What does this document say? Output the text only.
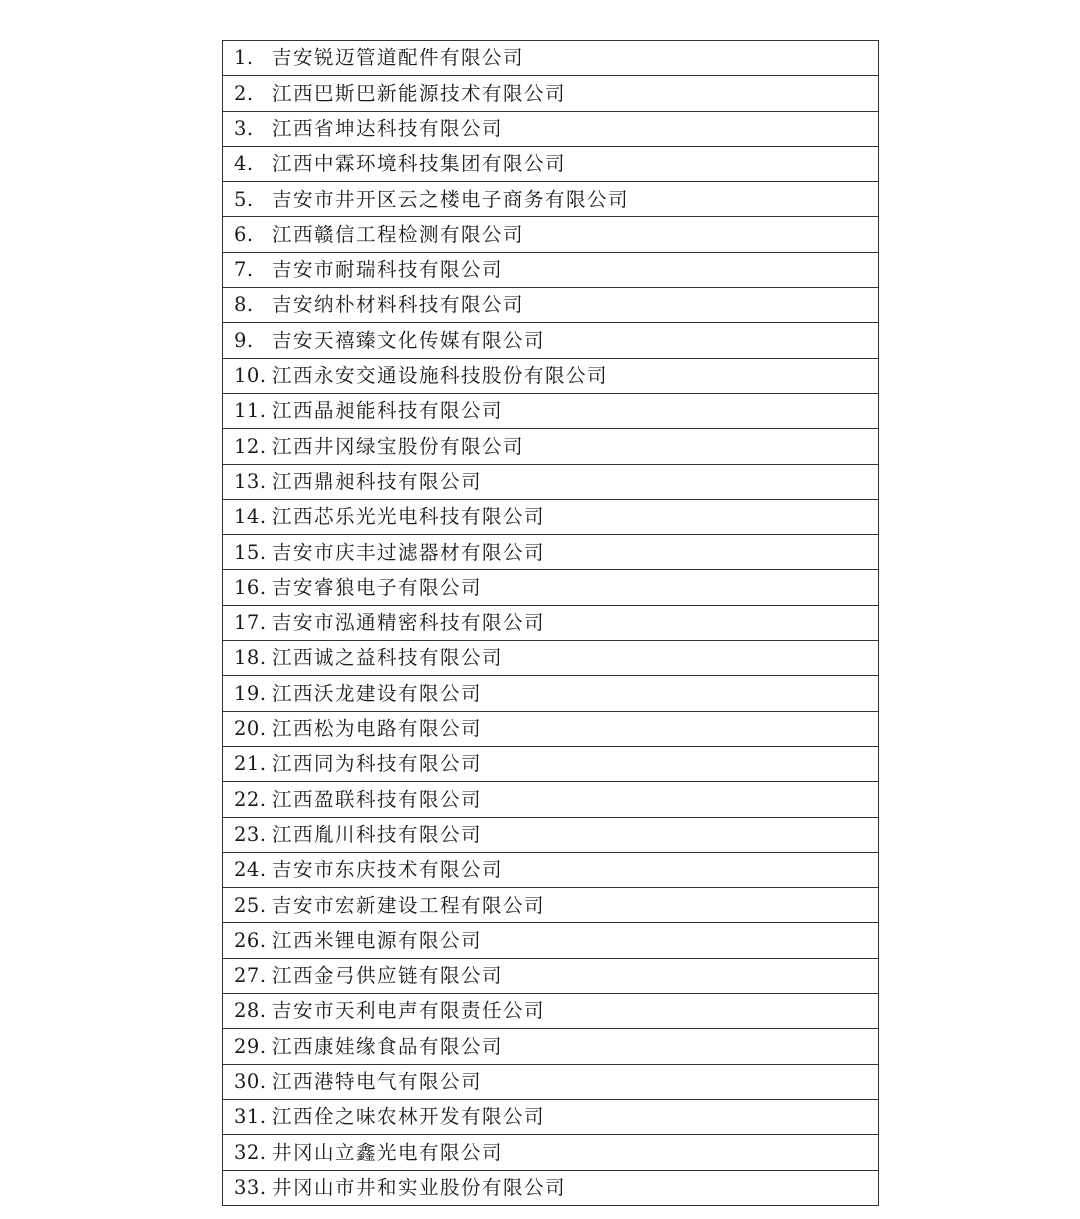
1. 吉安锐迈管道配件有限公司
2. 江西巴斯巴新能源技术有限公司
3. 江西省坤达科技有限公司
4. 江西中霖环境科技集团有限公司
5. 吉安市井开区云之楼电子商务有限公司
6. 江西赣信工程检测有限公司
7. 吉安市耐瑞科技有限公司
8. 吉安纳朴材料科技有限公司
9. 吉安天禧臻文化传媒有限公司
10. 江西永安交通设施科技股份有限公司
11. 江西晶昶能科技有限公司
12. 江西井冈绿宝股份有限公司
13. 江西鼎昶科技有限公司
14. 江西芯乐光光电科技有限公司
15. 吉安市庆丰过滤器材有限公司
16. 吉安睿狼电子有限公司
17. 吉安市泓通精密科技有限公司
18. 江西诚之益科技有限公司
19. 江西沃龙建设有限公司
20. 江西松为电路有限公司
21. 江西同为科技有限公司
22. 江西盈联科技有限公司
23. 江西胤川科技有限公司
24. 吉安市东庆技术有限公司
25. 吉安市宏新建设工程有限公司
26. 江西米锂电源有限公司
27. 江西金弓供应链有限公司
28. 吉安市天利电声有限责任公司
29. 江西康娃缘食品有限公司
30. 江西港特电气有限公司
31. 江西佺之味农林开发有限公司
32. 井冈山立鑫光电有限公司
33. 井冈山市井和实业股份有限公司
